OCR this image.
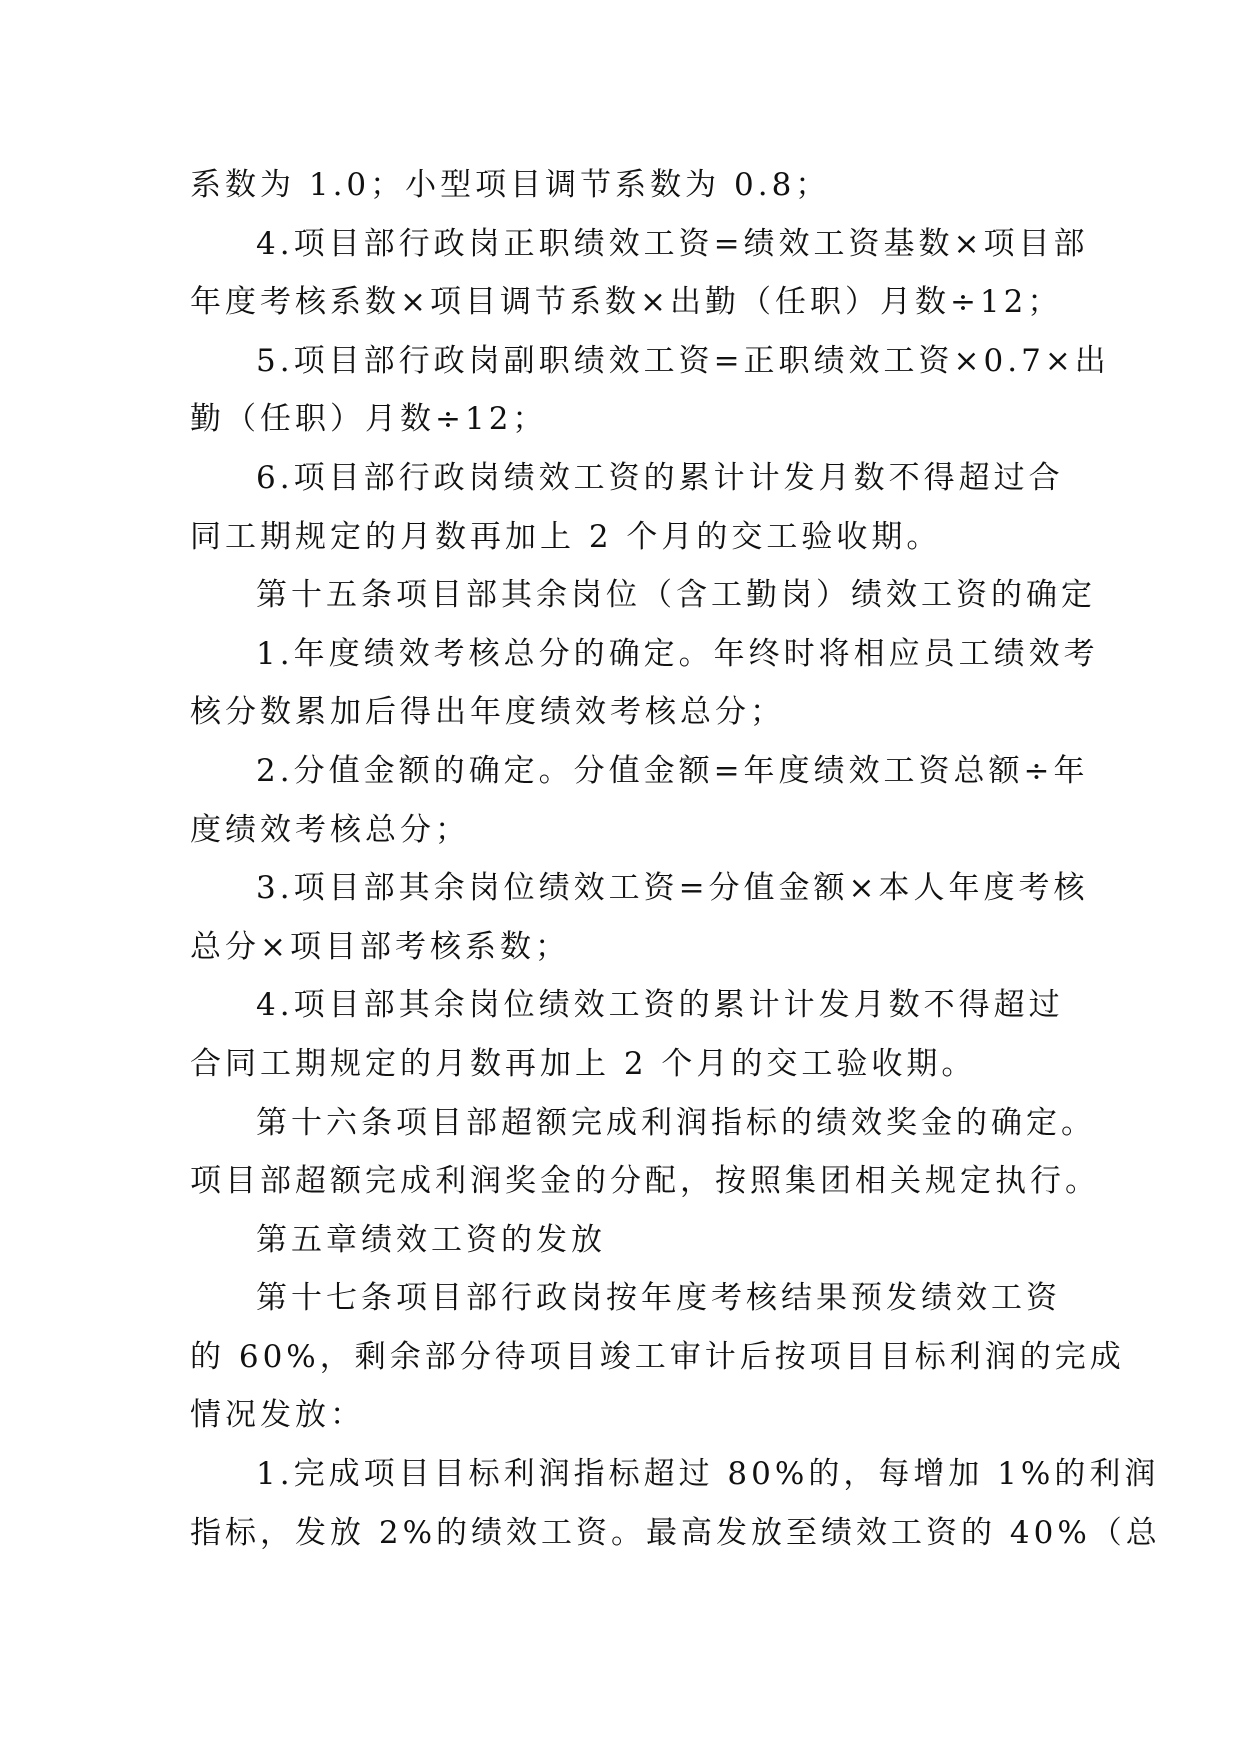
系数为 1.0；小型项目调节系数为 0.8；
4.项目部行政岗正职绩效工资=绩效工资基数×项目部
年度考核系数×项目调节系数×出勤（任职）月数÷12；
5.项目部行政岗副职绩效工资=正职绩效工资×0.7×出
勤（任职）月数÷12；
6.项目部行政岗绩效工资的累计计发月数不得超过合
同工期规定的月数再加上 2 个月的交工验收期。
第十五条项目部其余岗位（含工勤岗）绩效工资的确定
1.年度绩效考核总分的确定。年终时将相应员工绩效考
核分数累加后得出年度绩效考核总分；
2.分值金额的确定。分值金额=年度绩效工资总额÷年
度绩效考核总分；
3.项目部其余岗位绩效工资=分值金额×本人年度考核
总分×项目部考核系数；
4.项目部其余岗位绩效工资的累计计发月数不得超过
合同工期规定的月数再加上 2 个月的交工验收期。
第十六条项目部超额完成利润指标的绩效奖金的确定。
项目部超额完成利润奖金的分配，按照集团相关规定执行。
第五章绩效工资的发放
第十七条项目部行政岗按年度考核结果预发绩效工资
的 60%，剩余部分待项目竣工审计后按项目目标利润的完成
情况发放：
1.完成项目目标利润指标超过 80%的，每增加 1%的利润
指标，发放 2%的绩效工资。最高发放至绩效工资的 40%（总
